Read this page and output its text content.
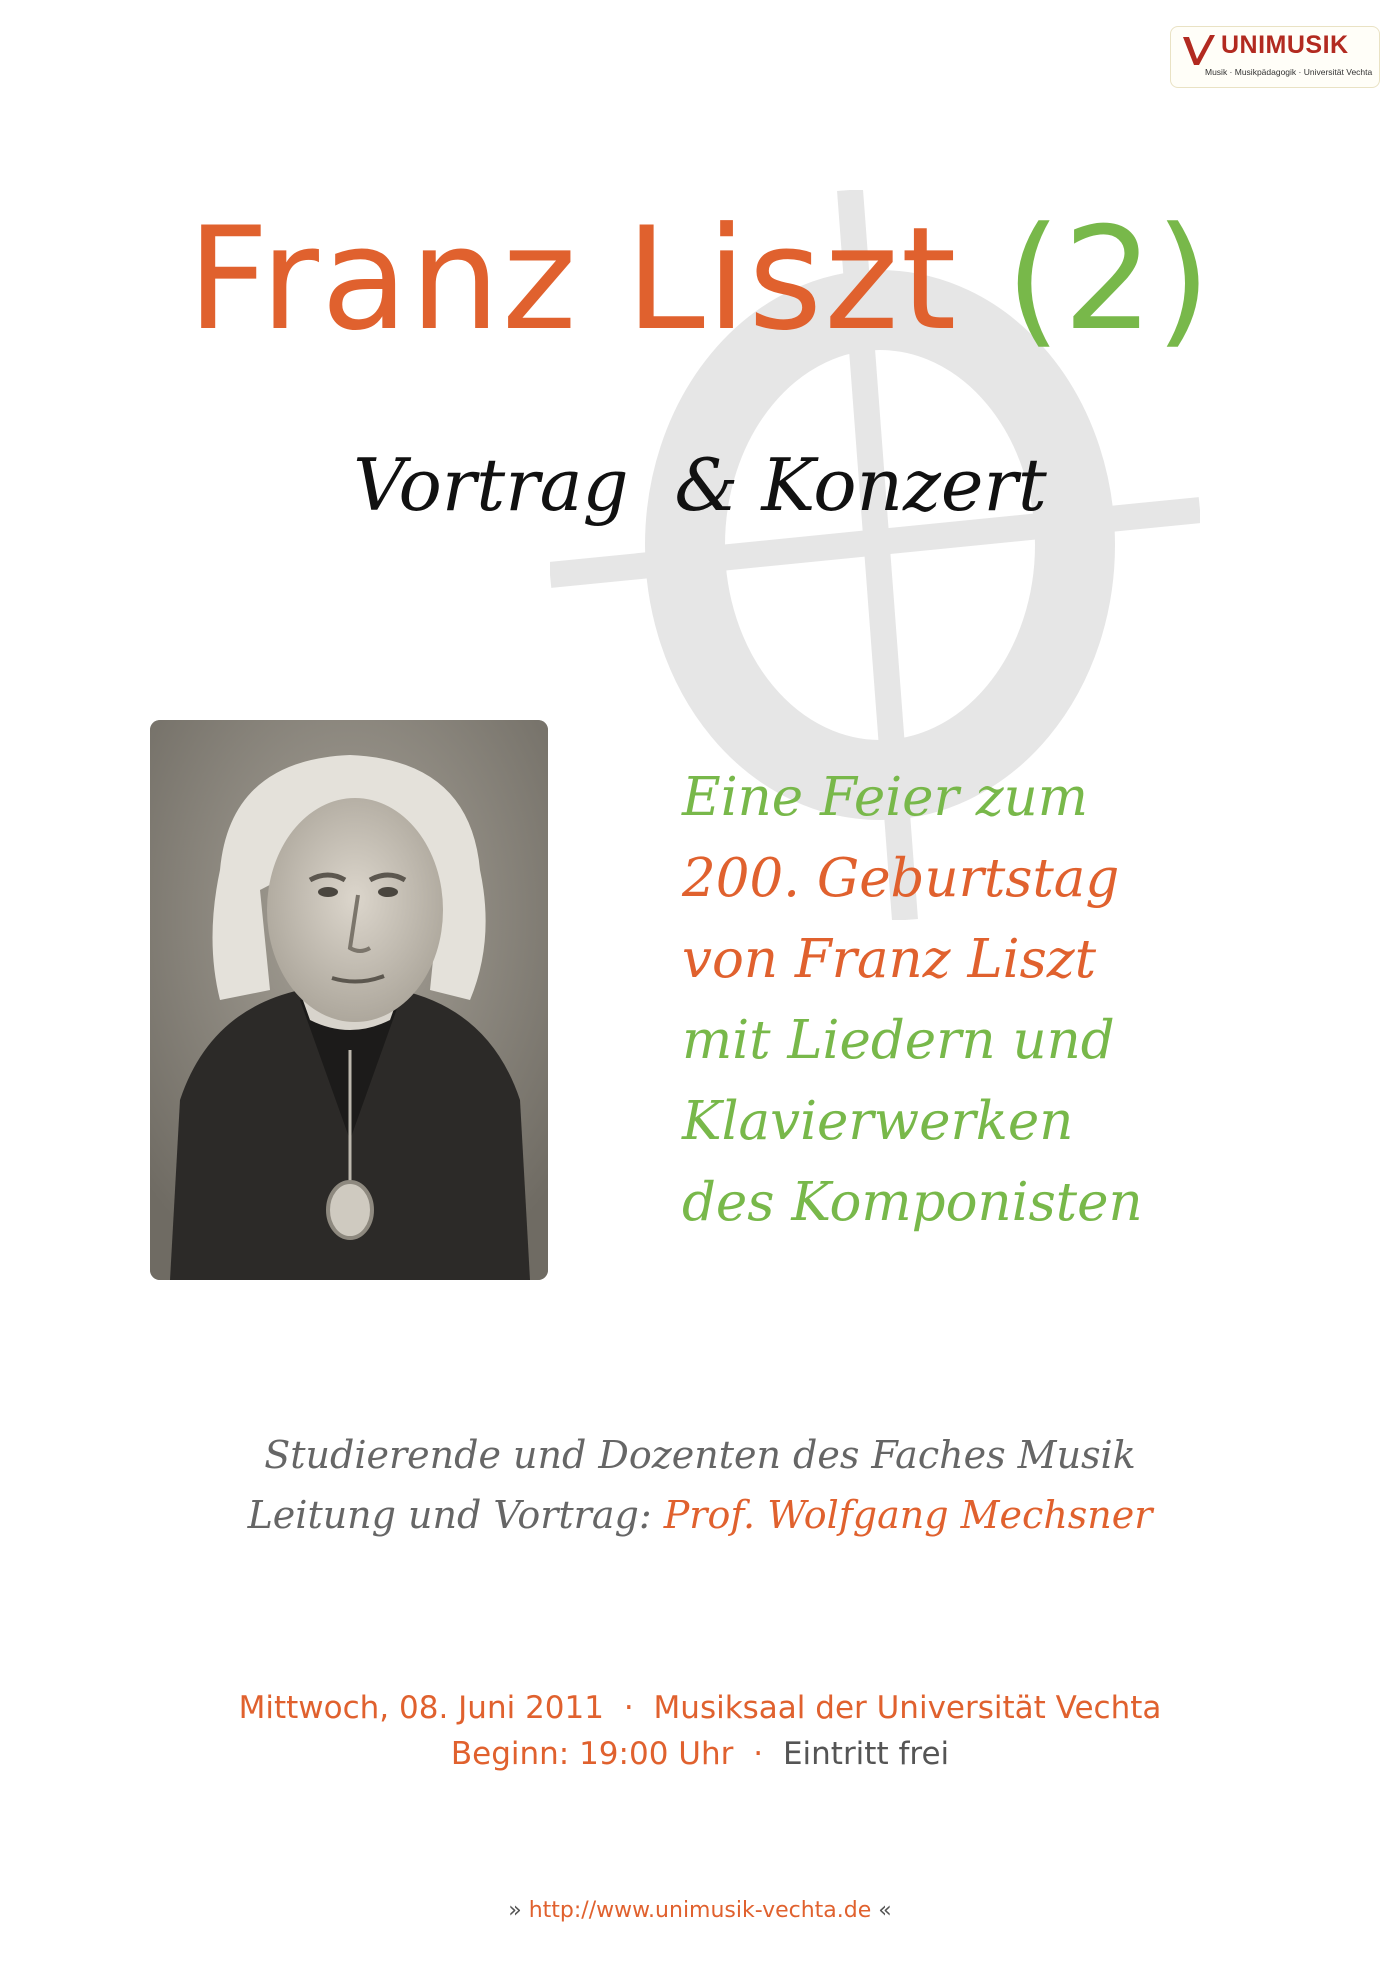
UNIMUSIK
Musik · Musikpädagogik · Universität Vechta
Franz Liszt (2)
Vortrag  & Konzert
Eine Feier zum
200. Geburtstag
von Franz Liszt
mit Liedern und
Klavierwerken
des Komponisten
Studierende und Dozenten des Faches Musik
Leitung und Vortrag: Prof. Wolfgang Mechsner
Mittwoch, 08. Juni 2011 · Musiksaal der Universität Vechta
Beginn: 19:00 Uhr · Eintritt frei
» http://www.unimusik-vechta.de «
